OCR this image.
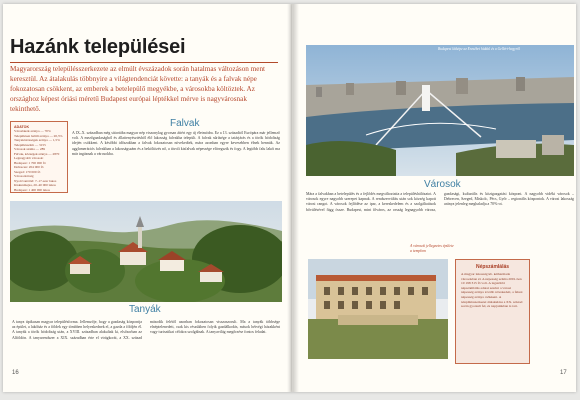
Hazánk települései
Magyarország településszerkezete az elmúlt évszázadok során hatalmas változáson ment keresztül. Az átalakulás többnyire a világtendenciát követte: a tanyák és a falvak népe fokozatosan csökkent, az emberek a betelepülő megyékbe, a városokba költöztek. Az országhoz képest óriási méretű Budapest európai léptékkel mérve is nagyvárosnak tekinthető.
ADATOK
Városlakók aránya — 70%
Településen belüli aránya — 20,3%
Tanyaközösségek aránya — 1,5%
Településszám — 3155
Városok száma — 289
Falvak, községek aránya — 2870
Legnagyobb városok:
Budapest: 1 700 000 fő
Debrecen: 204 000 fő
Szeged: 170 000 fő
Városodottság
Nyolcvanötöd: 7–17 ezer lakos
Kiskunmajsa, 20–40 000 lakos
Budapest: 1 400 000 lakos
Falvak
A IX–X. században még sátortába magyar nép viszonylag gyorsan áttért egy új életmódra. Ez a 13. századtól Európára már jellemző volt. A mezőgazdaságból és állattenyésztésből élő lakosság falvakba települt. A falvak sűrűsége a tatárjárás és a török hódoltság idején csökkent. A későbbi időszakban a falvak fokozatosan növekedtek, mára azonban egyre kevesebben élnek bennük. Az agglomerációs falvakban a lakosságszám és a beköltözés nő, a távoli kisfalvak népessége elöregszik és fogy. A legtöbb falu lakói ma már ingáznak a városokba.
Tanyák
A tanya tipikusan magyar településforma. Jellemzője, hogy a gazdaság központja az épület, a lakóház és a földek egy tömbben helyezkednek el, a gazda a földjén él. A tanyák a török hódoltság után, a XVIII. században alakultak ki, elsősorban az Alföldön. A tanyarendszer a XIX. században érte el virágkorát, a XX. század második felétől azonban fokozatosan visszaszorult. Ma a tanyák többsége elnéptelenedett, csak kis részükben folyik gazdálkodás, mások hétvégi házakként vagy turisztikai célokra szolgálnak. A tanyavilág megőrzése fontos feladat.
16
Budapest látképe az Erzsébet híddal és a Gellért-hegyről
Városok
Mára a falvakban a betelepülés és a fejlődés megváltoztatta a településhálózatot. A városok egyre nagyobb szerepet kapnak. A rendszerváltás után sok község kapott városi rangot. A városok fejlődése az ipar, a kereskedelem és a szolgáltatások bővülésével függ össze. Budapest, mint főváros, az ország legnagyobb városa, gazdasági, kulturális és közigazgatási központ. A nagyobb vidéki városok – Debrecen, Szeged, Miskolc, Pécs, Győr – regionális központok. A városi lakosság aránya jelenleg meghaladja a 70%-ot.
A városok jellegzetes épülete a templom
Népszámlálás
A magyar lakosság kb. kétharmada városokban él. A népesség száma 2001-ben 10 198 315 fő volt. A legutóbbi népszámlálás adatai szerint a városi népesség aránya tovább növekedett, a falusi népesség aránya csökkent. A településszerkezet átalakulása a XX. század során gyorsult fel, és napjainkban is tart.
17
